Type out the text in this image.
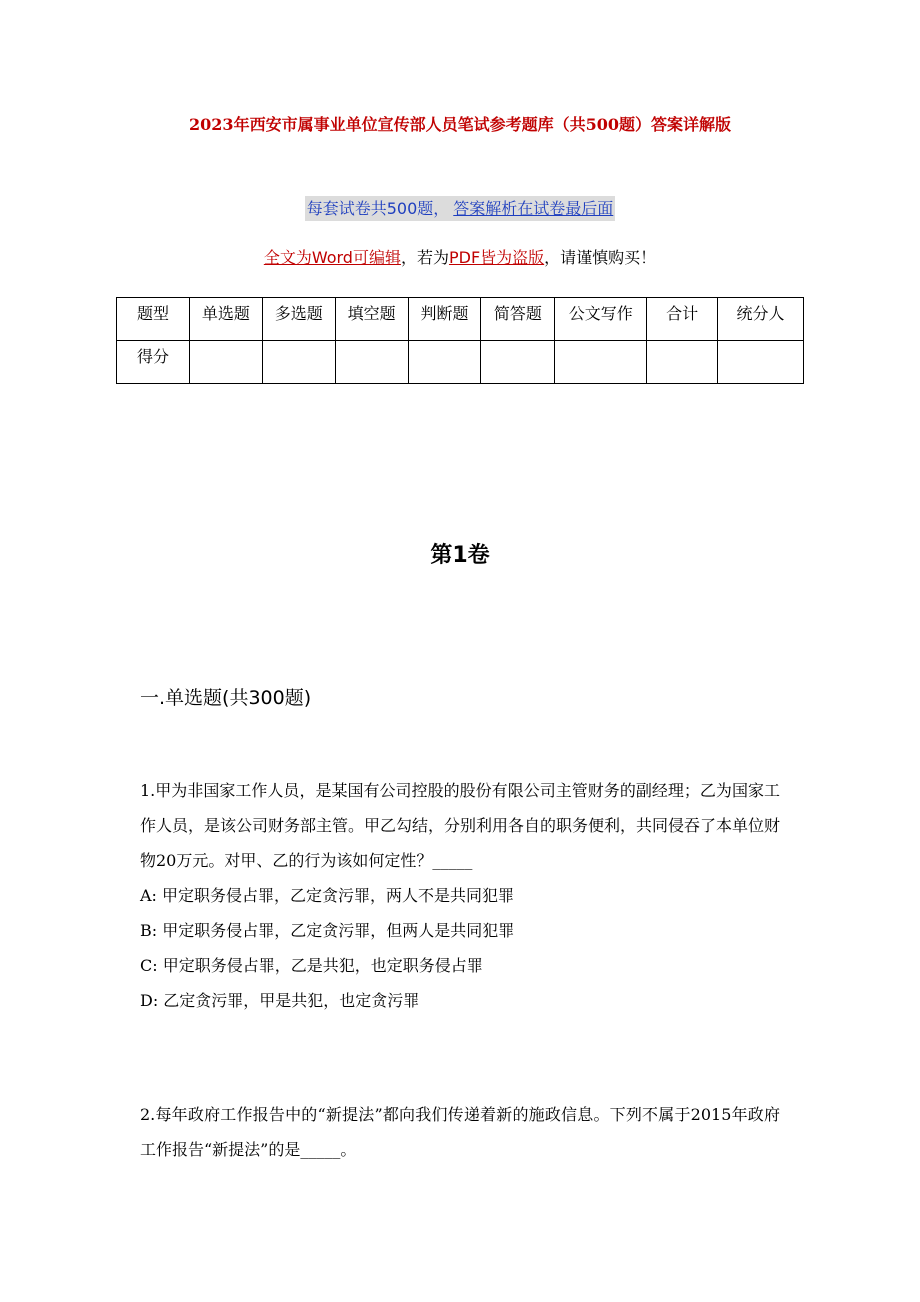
2023年西安市属事业单位宣传部人员笔试参考题库（共500题）答案详解版
每套试卷共500题， 答案解析在试卷最后面
全文为Word可编辑，若为PDF皆为盗版，请谨慎购买！
题型	单选题	多选题	填空题	判断题	简答题	公文写作	合计	统分人
得分								
第1卷
一.单选题(共300题)
1.甲为非国家工作人员，是某国有公司控股的股份有限公司主管财务的副经理；乙为国家工作人员，是该公司财务部主管。甲乙勾结，分别利用各自的职务便利，共同侵吞了本单位财物20万元。对甲、乙的行为该如何定性？_____
A: 甲定职务侵占罪，乙定贪污罪，两人不是共同犯罪
B: 甲定职务侵占罪，乙定贪污罪，但两人是共同犯罪
C: 甲定职务侵占罪，乙是共犯，也定职务侵占罪
D: 乙定贪污罪，甲是共犯，也定贪污罪
2.每年政府工作报告中的“新提法”都向我们传递着新的施政信息。下列不属于2015年政府工作报告“新提法”的是_____。
